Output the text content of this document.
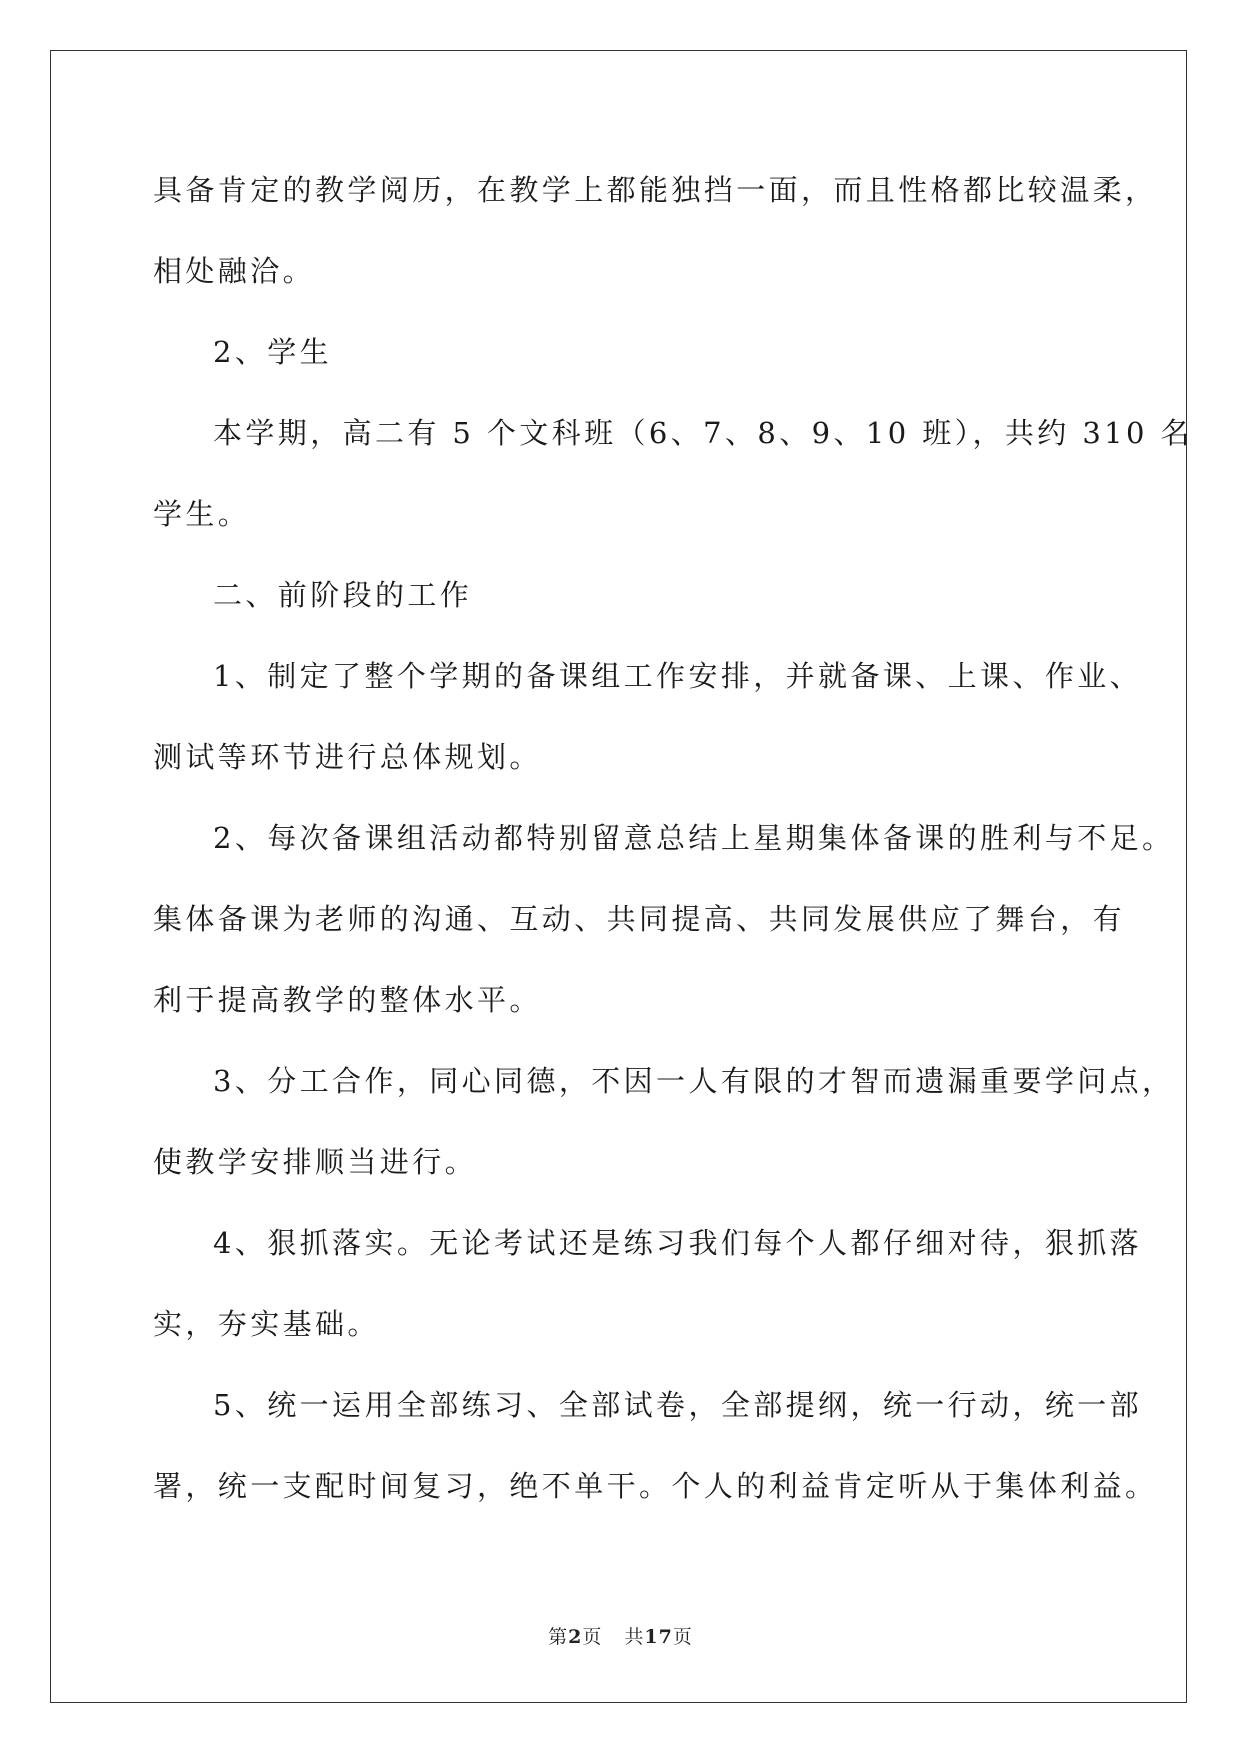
具备肯定的教学阅历，在教学上都能独挡一面，而且性格都比较温柔，

相处融洽。

2、学生

本学期，高二有 5 个文科班（6、7、8、9、10 班），共约 310 名

学生。

二、前阶段的工作

1、制定了整个学期的备课组工作安排，并就备课、上课、作业、

测试等环节进行总体规划。

2、每次备课组活动都特别留意总结上星期集体备课的胜利与不足。

集体备课为老师的沟通、互动、共同提高、共同发展供应了舞台，有

利于提高教学的整体水平。

3、分工合作，同心同德，不因一人有限的才智而遗漏重要学问点，

使教学安排顺当进行。

4、狠抓落实。无论考试还是练习我们每个人都仔细对待，狠抓落

实，夯实基础。

5、统一运用全部练习、全部试卷，全部提纲，统一行动，统一部

署，统一支配时间复习，绝不单干。个人的利益肯定听从于集体利益。

第2页 共17页
